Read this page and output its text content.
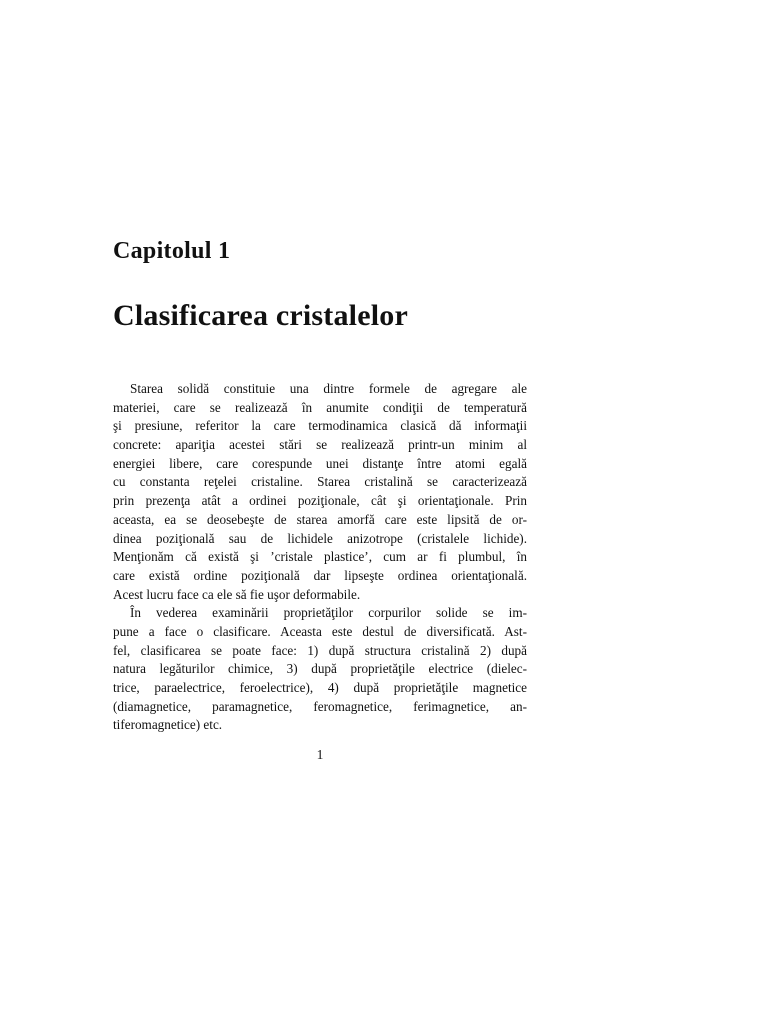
Capitolul 1
Clasificarea cristalelor
Starea solidă constituie una dintre formele de agregare ale
materiei, care se realizează în anumite condiţii de temperatură
şi presiune, referitor la care termodinamica clasică dă informaţii
concrete: apariţia acestei stări se realizează printr-un minim al
energiei libere, care corespunde unei distanţe între atomi egală
cu constanta reţelei cristaline. Starea cristalină se caracterizează
prin prezenţa atât a ordinei poziţionale, cât şi orientaţionale. Prin
aceasta, ea se deosebeşte de starea amorfă care este lipsită de or-
dinea poziţională sau de lichidele anizotrope (cristalele lichide).
Menţionăm că există şi ’cristale plastice’, cum ar fi plumbul, în
care există ordine poziţională dar lipseşte ordinea orientaţională.
Acest lucru face ca ele să fie uşor deformabile.
În vederea examinării proprietăţilor corpurilor solide se im-
pune a face o clasificare. Aceasta este destul de diversificată. Ast-
fel, clasificarea se poate face: 1) după structura cristalină 2) după
natura legăturilor chimice, 3) după proprietăţile electrice (dielec-
trice, paraelectrice, feroelectrice), 4) după proprietăţile magnetice
(diamagnetice, paramagnetice, feromagnetice, ferimagnetice, an-
tiferomagnetice) etc.
1
